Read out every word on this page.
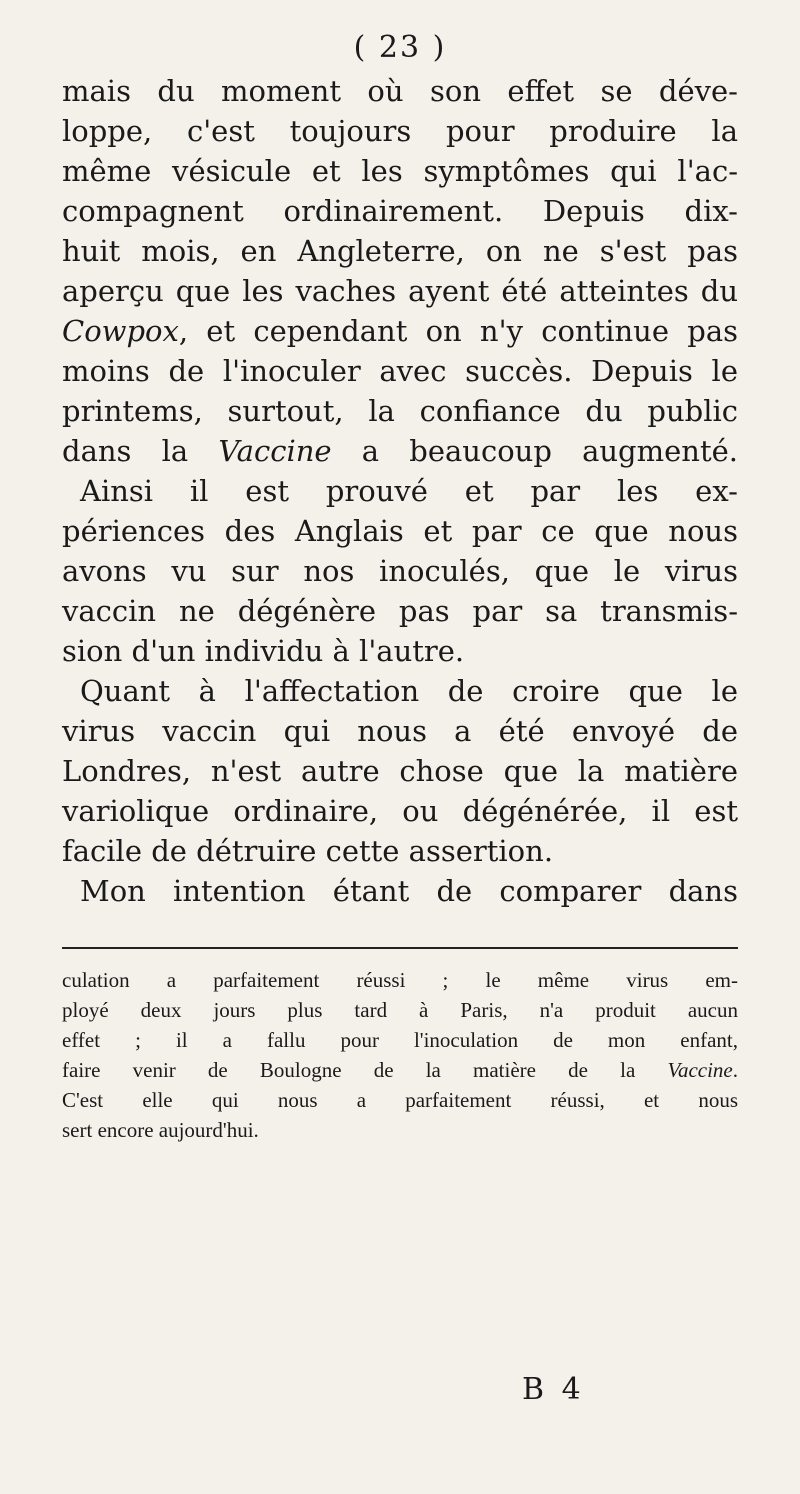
( 23 )
mais du moment où son effet se déve-
loppe, c'est toujours pour produire la
même vésicule et les symptômes qui l'ac-
compagnent ordinairement. Depuis dix-
huit mois, en Angleterre, on ne s'est pas
aperçu que les vaches ayent été atteintes du
Cowpox, et cependant on n'y continue pas
moins de l'inoculer avec succès. Depuis le
printems, surtout, la confiance du public
dans la Vaccine a beaucoup augmenté.
Ainsi il est prouvé et par les ex-
périences des Anglais et par ce que nous
avons vu sur nos inoculés, que le virus
vaccin ne dégénère pas par sa transmis-
sion d'un individu à l'autre.
Quant à l'affectation de croire que le
virus vaccin qui nous a été envoyé de
Londres, n'est autre chose que la matière
variolique ordinaire, ou dégénérée, il est
facile de détruire cette assertion.
Mon intention étant de comparer dans
culation a parfaitement réussi ; le même virus em-
ployé deux jours plus tard à Paris, n'a produit aucun
effet ; il a fallu pour l'inoculation de mon enfant,
faire venir de Boulogne de la matière de la Vaccine.
C'est elle qui nous a parfaitement réussi, et nous
sert encore aujourd'hui.
B 4
